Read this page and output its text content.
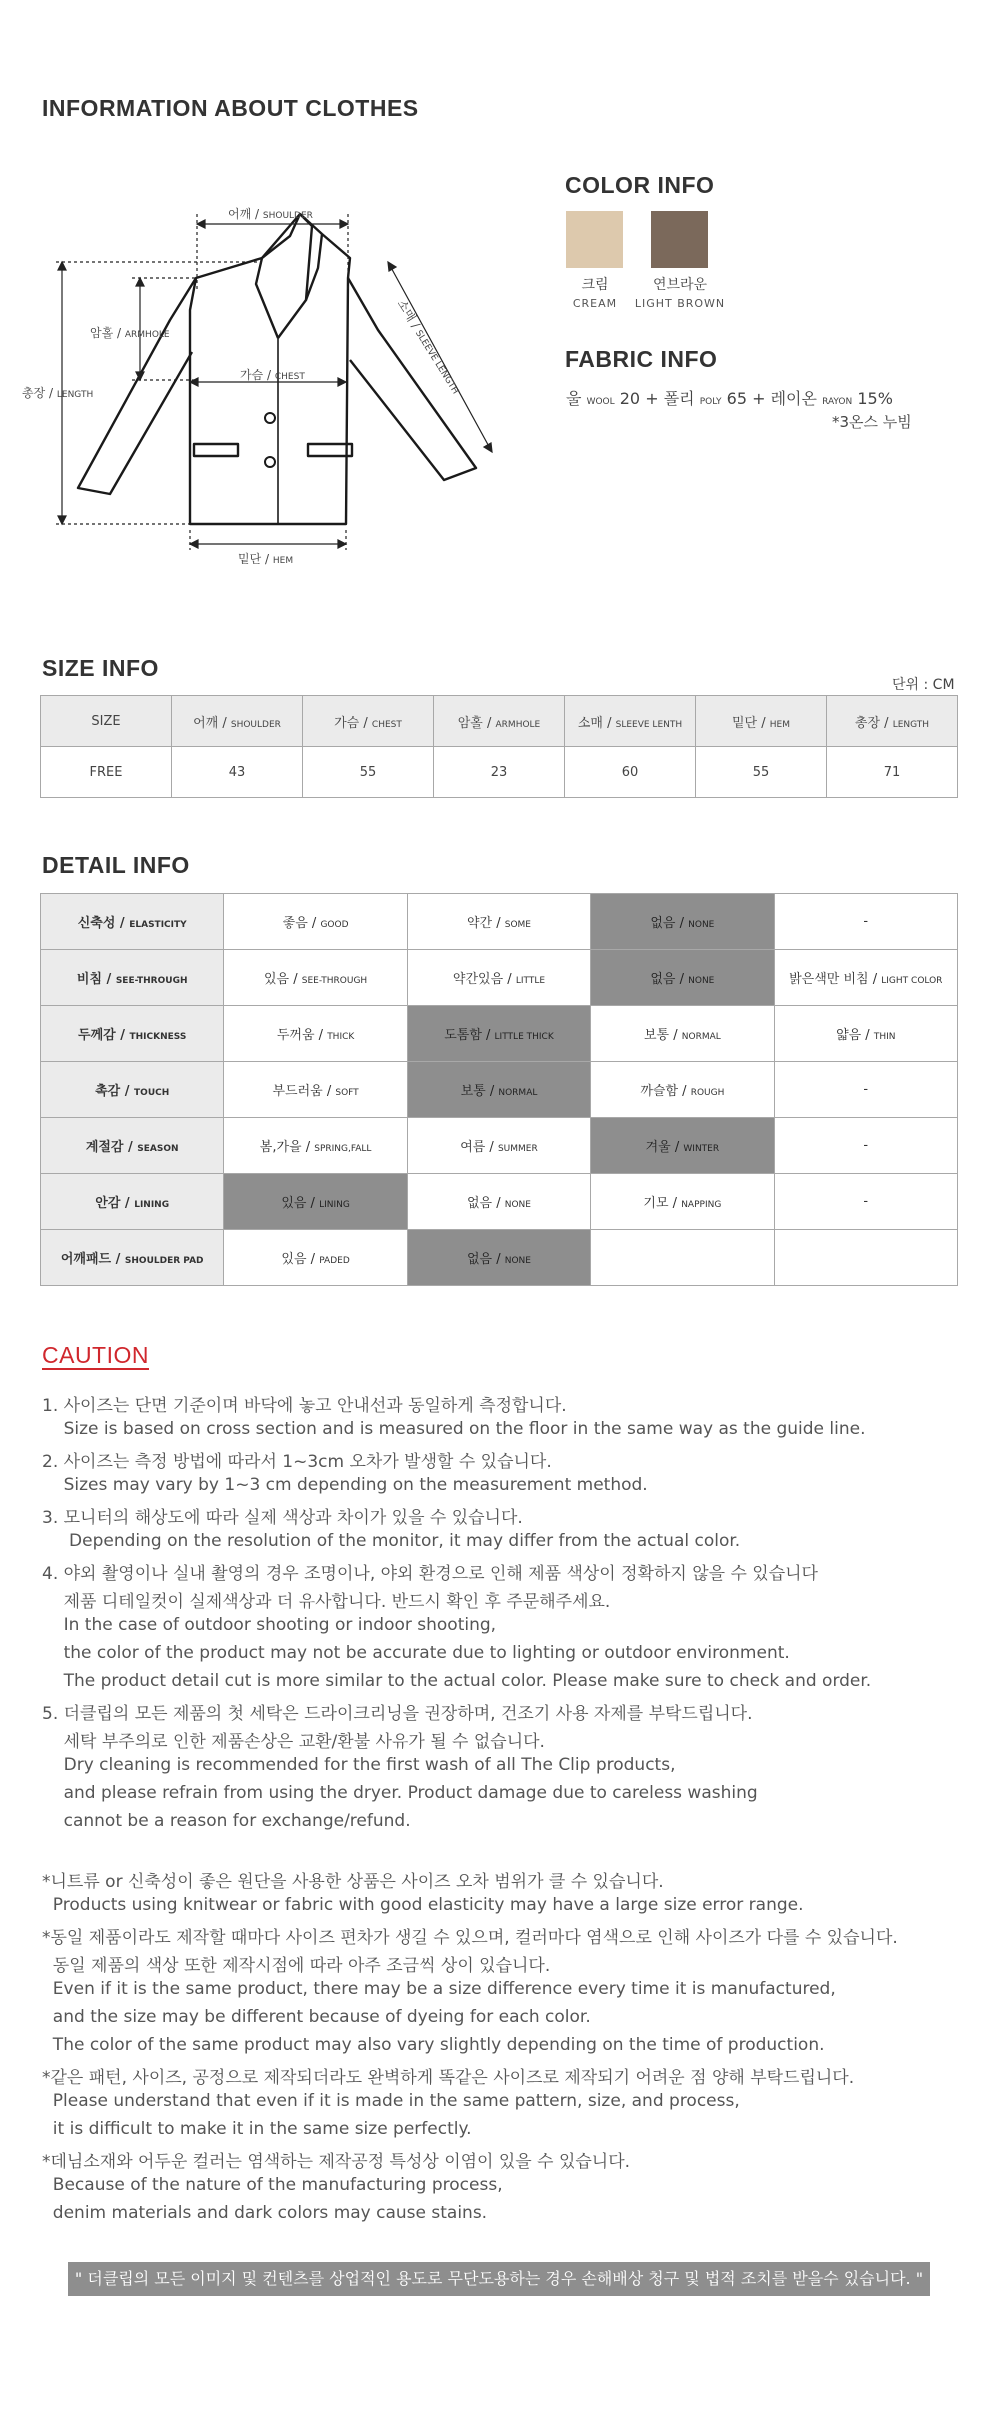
INFORMATION ABOUT CLOTHES
어깨 / SHOULDER
암홀 / ARMHOLE
가슴 / CHEST
총장 / LENGTH
소매 / SLEEVE LENGTH
밑단 / HEM
COLOR INFO
크림
CREAM
연브라운
LIGHT BROWN
FABRIC INFO
울 WOOL 20 + 폴리 POLY 65 + 레이온 RAYON 15%
*3온스 누빔
SIZE INFO
단위 : CM
SIZE	어깨 / SHOULDER	가슴 / CHEST	암홀 / ARMHOLE	소매 / SLEEVE LENTH	밑단 / HEM	총장 / LENGTH
FREE	43	55	23	60	55	71
DETAIL INFO
신축성 / ELASTICITY	좋음 / GOOD	약간 / SOME	없음 / NONE	-
비침 / SEE-THROUGH	있음 / SEE-THROUGH	약간있음 / LITTLE	없음 / NONE	밝은색만 비침 / LIGHT COLOR
두께감 / THICKNESS	두꺼움 / THICK	도톰함 / LITTLE THICK	보통 / NORMAL	얇음 / THIN
촉감 / TOUCH	부드러움 / SOFT	보통 / NORMAL	까슬함 / ROUGH	-
계절감 / SEASON	봄,가을 / SPRING,FALL	여름 / SUMMER	겨울 / WINTER	-
안감 / LINING	있음 / LINING	없음 / NONE	기모 / NAPPING	-
어깨패드 / SHOULDER PAD	있음 / PADED	없음 / NONE		
CAUTION
1. 사이즈는 단면 기준이며 바닥에 놓고 안내선과 동일하게 측정합니다.
Size is based on cross section and is measured on the floor in the same way as the guide line.
2. 사이즈는 측정 방법에 따라서 1~3cm 오차가 발생할 수 있습니다.
Sizes may vary by 1~3 cm depending on the measurement method.
3. 모니터의 해상도에 따라 실제 색상과 차이가 있을 수 있습니다.
Depending on the resolution of the monitor, it may differ from the actual color.
4. 야외 촬영이나 실내 촬영의 경우 조명이나, 야외 환경으로 인해 제품 색상이 정확하지 않을 수 있습니다
제품 디테일컷이 실제색상과 더 유사합니다. 반드시 확인 후 주문해주세요.
In the case of outdoor shooting or indoor shooting,
the color of the product may not be accurate due to lighting or outdoor environment.
The product detail cut is more similar to the actual color. Please make sure to check and order.
5. 더클립의 모든 제품의 첫 세탁은 드라이크리닝을 권장하며, 건조기 사용 자제를 부탁드립니다.
세탁 부주의로 인한 제품손상은 교환/환불 사유가 될 수 없습니다.
Dry cleaning is recommended for the first wash of all The Clip products,
and please refrain from using the dryer. Product damage due to careless washing
cannot be a reason for exchange/refund.
*니트류 or 신축성이 좋은 원단을 사용한 상품은 사이즈 오차 범위가 클 수 있습니다.
Products using knitwear or fabric with good elasticity may have a large size error range.
*동일 제품이라도 제작할 때마다 사이즈 편차가 생길 수 있으며, 컬러마다 염색으로 인해 사이즈가 다를 수 있습니다.
동일 제품의 색상 또한 제작시점에 따라 아주 조금씩 상이 있습니다.
Even if it is the same product, there may be a size difference every time it is manufactured,
and the size may be different because of dyeing for each color.
The color of the same product may also vary slightly depending on the time of production.
*같은 패턴, 사이즈, 공정으로 제작되더라도 완벽하게 똑같은 사이즈로 제작되기 어려운 점 양해 부탁드립니다.
Please understand that even if it is made in the same pattern, size, and process,
it is difficult to make it in the same size perfectly.
*데님소재와 어두운 컬러는 염색하는 제작공정 특성상 이염이 있을 수 있습니다.
Because of the nature of the manufacturing process,
denim materials and dark colors may cause stains.
" 더클립의 모든 이미지 및 컨텐츠를 상업적인 용도로 무단도용하는 경우 손해배상 청구 및 법적 조치를 받을수 있습니다. "
